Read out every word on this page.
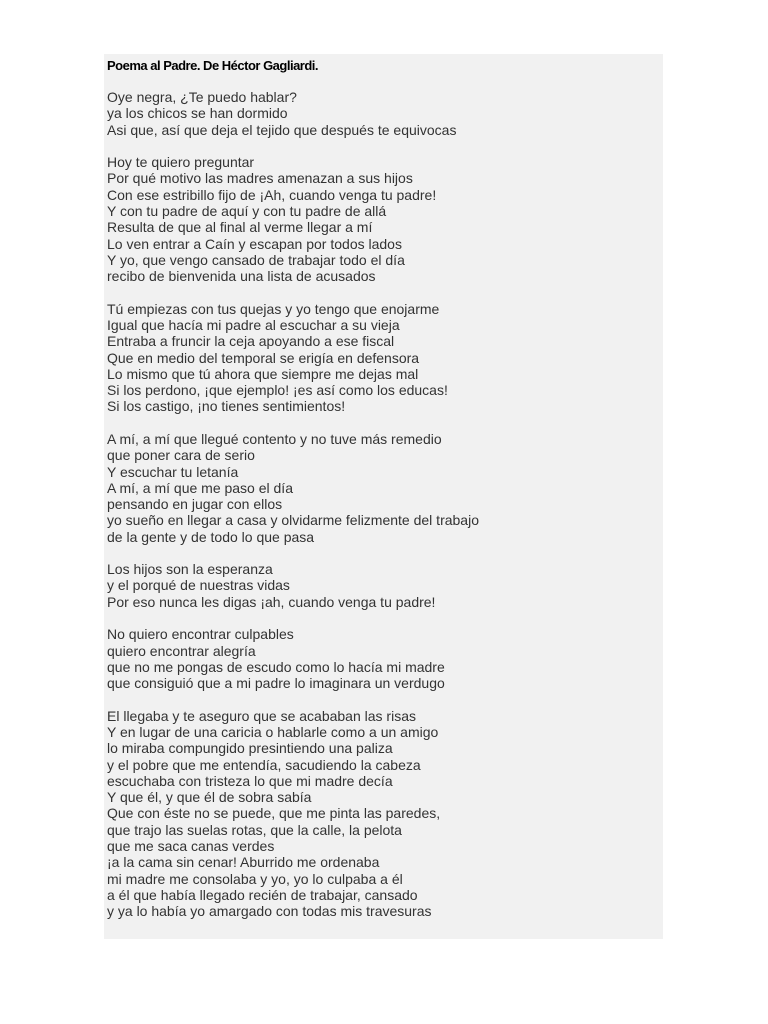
Poema al Padre. De Héctor Gagliardi.
Oye negra, ¿Te puedo hablar?
ya los chicos se han dormido
Asi que, así que deja el tejido que después te equivocas
Hoy te quiero preguntar
Por qué motivo las madres amenazan a sus hijos
Con ese estribillo fijo de ¡Ah, cuando venga tu padre!
Y con tu padre de aquí y con tu padre de allá
Resulta de que al final al verme llegar a mí
Lo ven entrar a Caín y escapan por todos lados
Y yo, que vengo cansado de trabajar todo el día
recibo de bienvenida una lista de acusados
Tú empiezas con tus quejas y yo tengo que enojarme
Igual que hacía mi padre al escuchar a su vieja
Entraba a fruncir la ceja apoyando a ese fiscal
Que en medio del temporal se erigía en defensora
Lo mismo que tú ahora que siempre me dejas mal
Si los perdono, ¡que ejemplo! ¡es así como los educas!
Si los castigo, ¡no tienes sentimientos!
A mí, a mí que llegué contento y no tuve más remedio
que poner cara de serio
Y escuchar tu letanía
A mí, a mí que me paso el día
pensando en jugar con ellos
yo sueño en llegar a casa y olvidarme felizmente del trabajo
de la gente y de todo lo que pasa
Los hijos son la esperanza
y el porqué de nuestras vidas
Por eso nunca les digas ¡ah, cuando venga tu padre!
No quiero encontrar culpables
quiero encontrar alegría
que no me pongas de escudo como lo hacía mi madre
que consiguió que a mi padre lo imaginara un verdugo
El llegaba y te aseguro que se acababan las risas
Y en lugar de una caricia o hablarle como a un amigo
lo miraba compungido presintiendo una paliza
y el pobre que me entendía, sacudiendo la cabeza
escuchaba con tristeza lo que mi madre decía
Y que él, y que él de sobra sabía
Que con éste no se puede, que me pinta las paredes,
que trajo las suelas rotas, que la calle, la pelota
que me saca canas verdes
¡a la cama sin cenar! Aburrido me ordenaba
mi madre me consolaba y yo, yo lo culpaba a él
a él que había llegado recién de trabajar, cansado
y ya lo había yo amargado con todas mis travesuras
